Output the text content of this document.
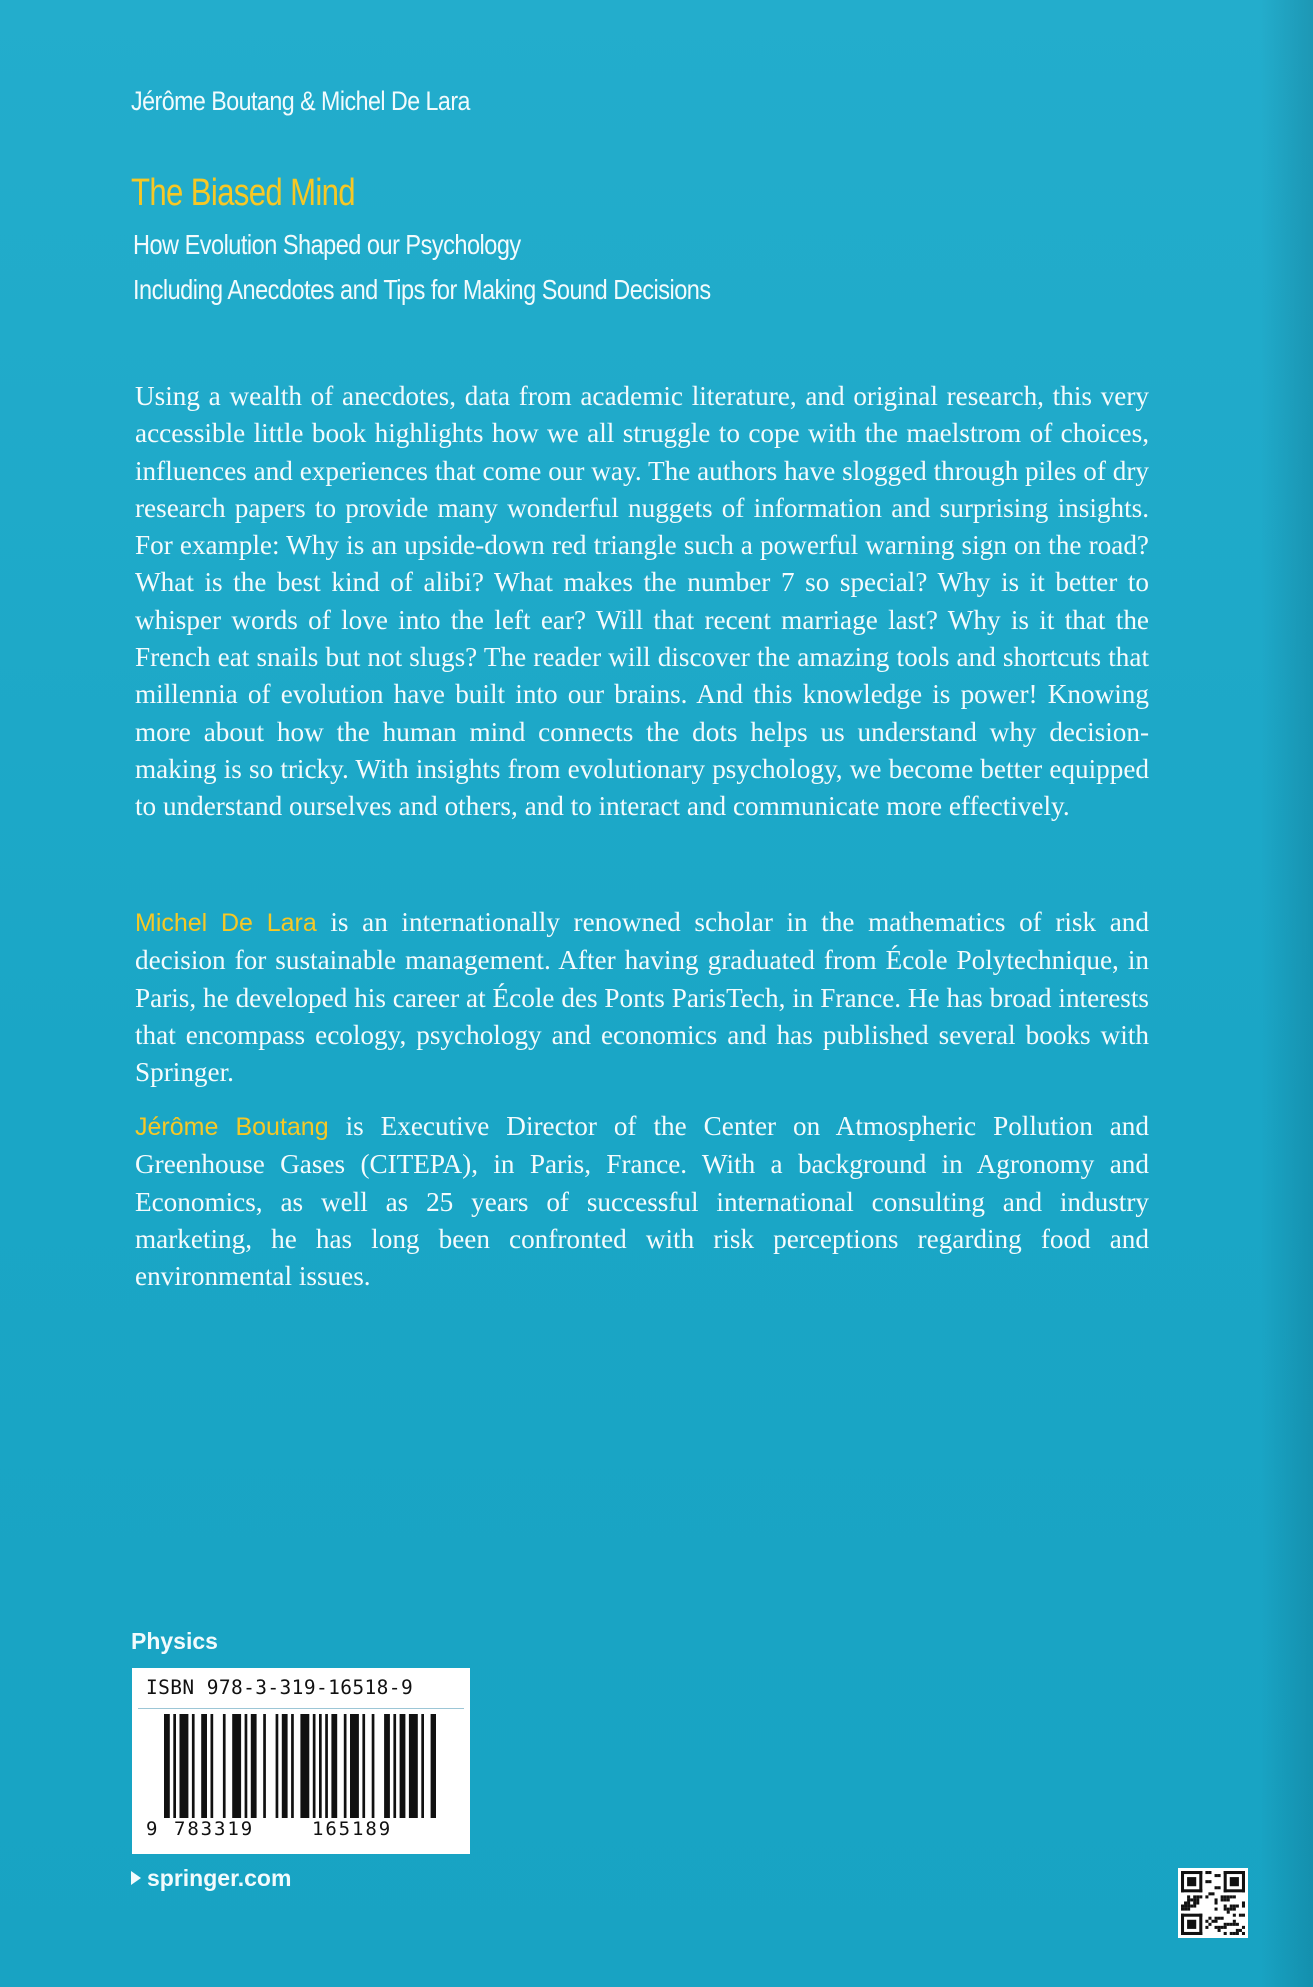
Jérôme Boutang & Michel De Lara
The Biased Mind
How Evolution Shaped our Psychology
Including Anecdotes and Tips for Making Sound Decisions

Using a wealth of anecdotes, data from academic literature, and original research, this very accessible little book highlights how we all struggle to cope with the maelstrom of choices, influences and experiences that come our way. The authors have slogged through piles of dry research papers to provide many wonderful nuggets of information and surprising insights. For example: Why is an upside-down red triangle such a powerful warning sign on the road? What is the best kind of alibi? What makes the number 7 so special? Why is it better to whisper words of love into the left ear? Will that recent marriage last? Why is it that the French eat snails but not slugs? The reader will discover the amazing tools and shortcuts that millennia of evolution have built into our brains. And this knowledge is power! Knowing more about how the human mind connects the dots helps us understand why decision-making is so tricky. With insights from evolutionary psychology, we become better equipped to understand ourselves and others, and to interact and communicate more effectively.

Michel De Lara is an internationally renowned scholar in the mathematics of risk and decision for sustainable management. After having graduated from École Polytechnique, in Paris, he developed his career at École des Ponts ParisTech, in France. He has broad interests that encompass ecology, psychology and economics and has published several books with Springer.

Jérôme Boutang is Executive Director of the Center on Atmospheric Pollution and Greenhouse Gases (CITEPA), in Paris, France. With a background in Agronomy and Economics, as well as 25 years of successful international consulting and industry marketing, he has long been confronted with risk perceptions regarding food and environmental issues.

Physics
ISBN 978-3-319-16518-9
9 783319	165189
springer.com
